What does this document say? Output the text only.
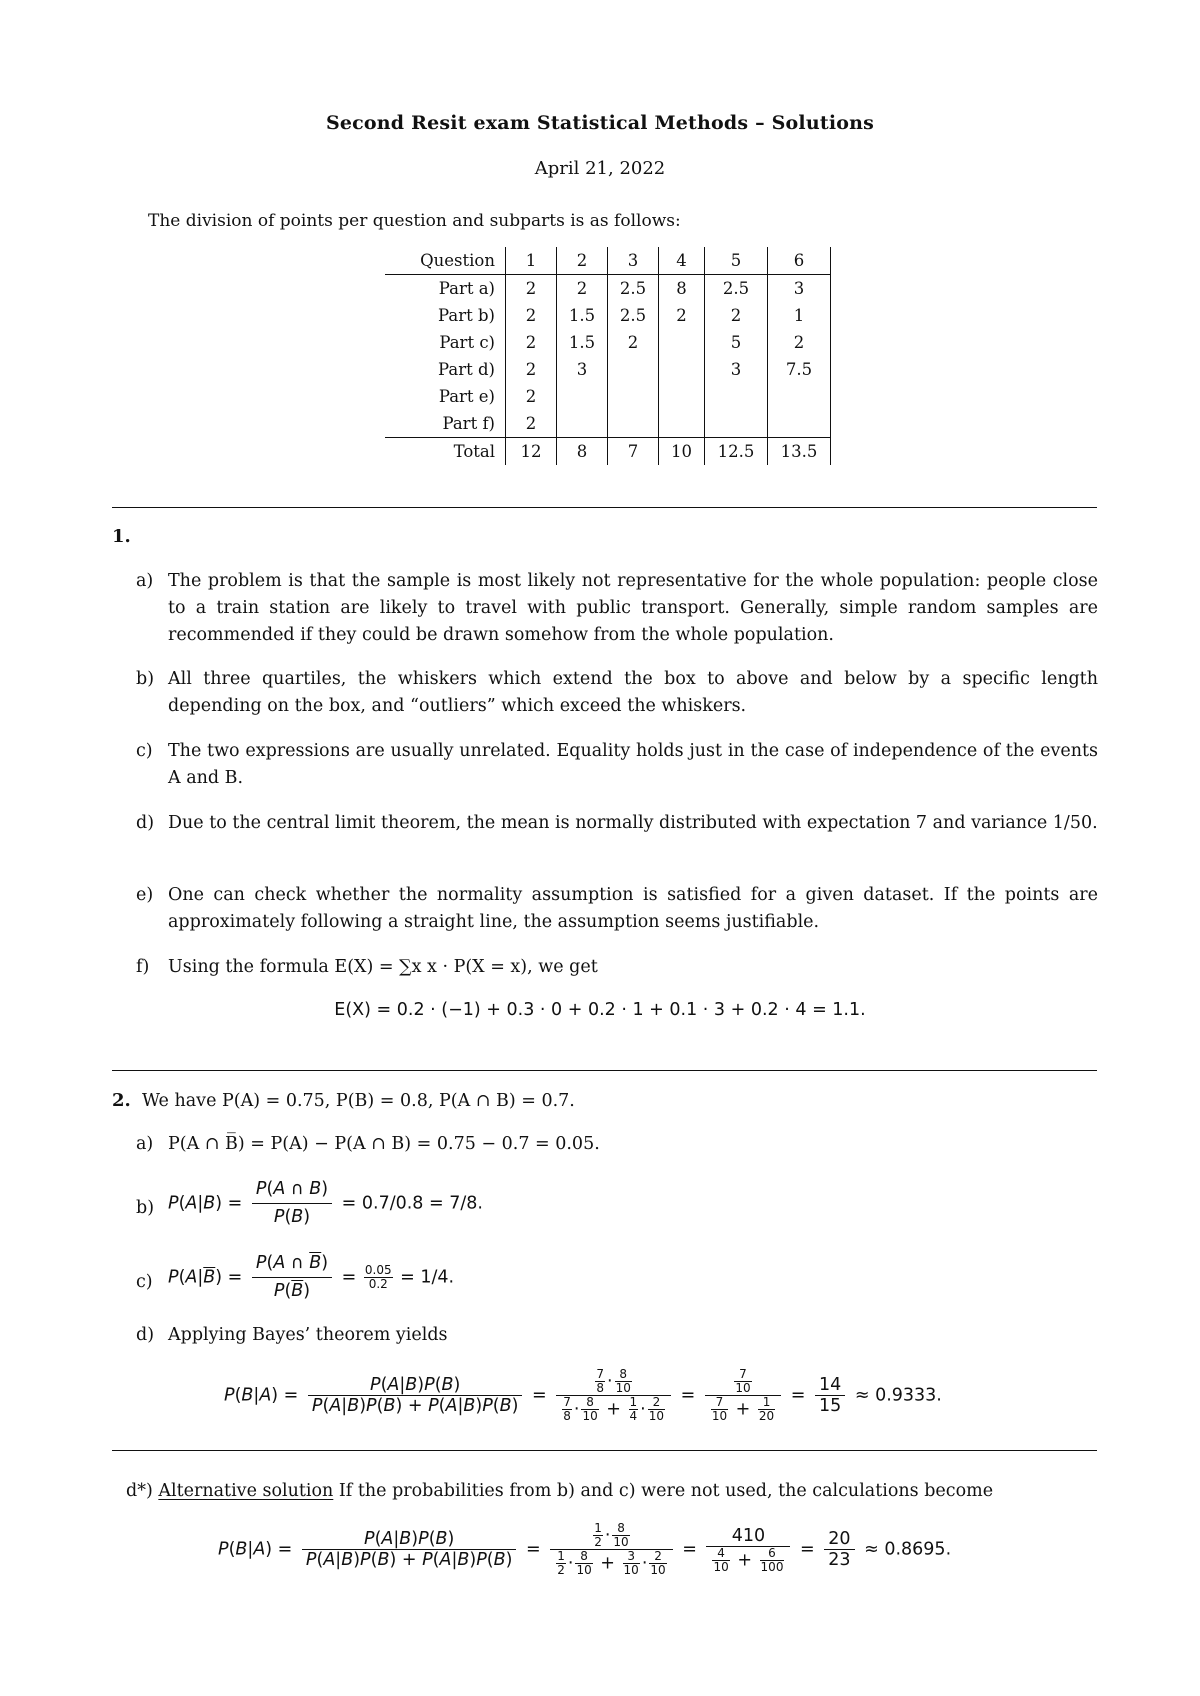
Second Resit exam Statistical Methods – Solutions
April 21, 2022
The division of points per question and subparts is as follows:
Question	1	2	3	4	5	6
Part a)	2	2	2.5	8	2.5	3
Part b)	2	1.5	2.5	2	2	1
Part c)	2	1.5	2		5	2
Part d)	2	3			3	7.5
Part e)	2					
Part f)	2					
Total	12	8	7	10	12.5	13.5
1.
a) The problem is that the sample is most likely not representative for the whole population: people close to a train station are likely to travel with public transport. Generally, simple random samples are recommended if they could be drawn somehow from the whole population.
b) All three quartiles, the whiskers which extend the box to above and below by a specific length depending on the box, and “outliers” which exceed the whiskers.
c) The two expressions are usually unrelated. Equality holds just in the case of independence of the events A and B.
d) Due to the central limit theorem, the mean is normally distributed with expectation 7 and variance 1/50.
e) One can check whether the normality assumption is satisfied for a given dataset. If the points are approximately following a straight line, the assumption seems justifiable.
f) Using the formula E(X) = ∑x x · P(X = x), we get
E(X) = 0.2 · (−1) + 0.3 · 0 + 0.2 · 1 + 0.1 · 3 + 0.2 · 4 = 1.1.
2. We have P(A) = 0.75, P(B) = 0.8, P(A ∩ B) = 0.7.
a) P(A ∩ B̅) = P(A) − P(A ∩ B) = 0.75 − 0.7 = 0.05.
b) $P(A|B) = \frac{P(A \cap B)}{P(B)} = 0.7/0.8 = 7/8$.
c) $P(A|\overline{B}) = \frac{P(A \cap \overline{B})}{P(\overline{B})} = \frac{0.05}{0.2} = 1/4$.
d) Applying Bayes’ theorem yields
$P(B|A) = \frac{P(A|B)P(B)}{P(A|B)P(B) + P(A|\overline{B})P(\overline{B})} = \frac{\frac{7}{8} \cdot \frac{8}{10}}{\frac{7}{8} \cdot \frac{8}{10} + \frac{1}{4} \cdot \frac{2}{10}} = \frac{\frac{7}{10}}{\frac{7}{10} + \frac{1}{20}} = \frac{14}{15} \approx 0.9333$.
d*) Alternative solution If the probabilities from b) and c) were not used, the calculations become
$P(B|A) = \frac{P(A|B)P(B)}{P(A|B)P(B) + P(A|\overline{B})P(\overline{B})} = \frac{\frac{1}{2} \cdot \frac{8}{10}}{\frac{1}{2} \cdot \frac{8}{10} + \frac{3}{10} \cdot \frac{2}{10}} = \frac{410}{\frac{4}{10} + \frac{6}{100}} = \frac{20}{23} \approx 0.8695$.
